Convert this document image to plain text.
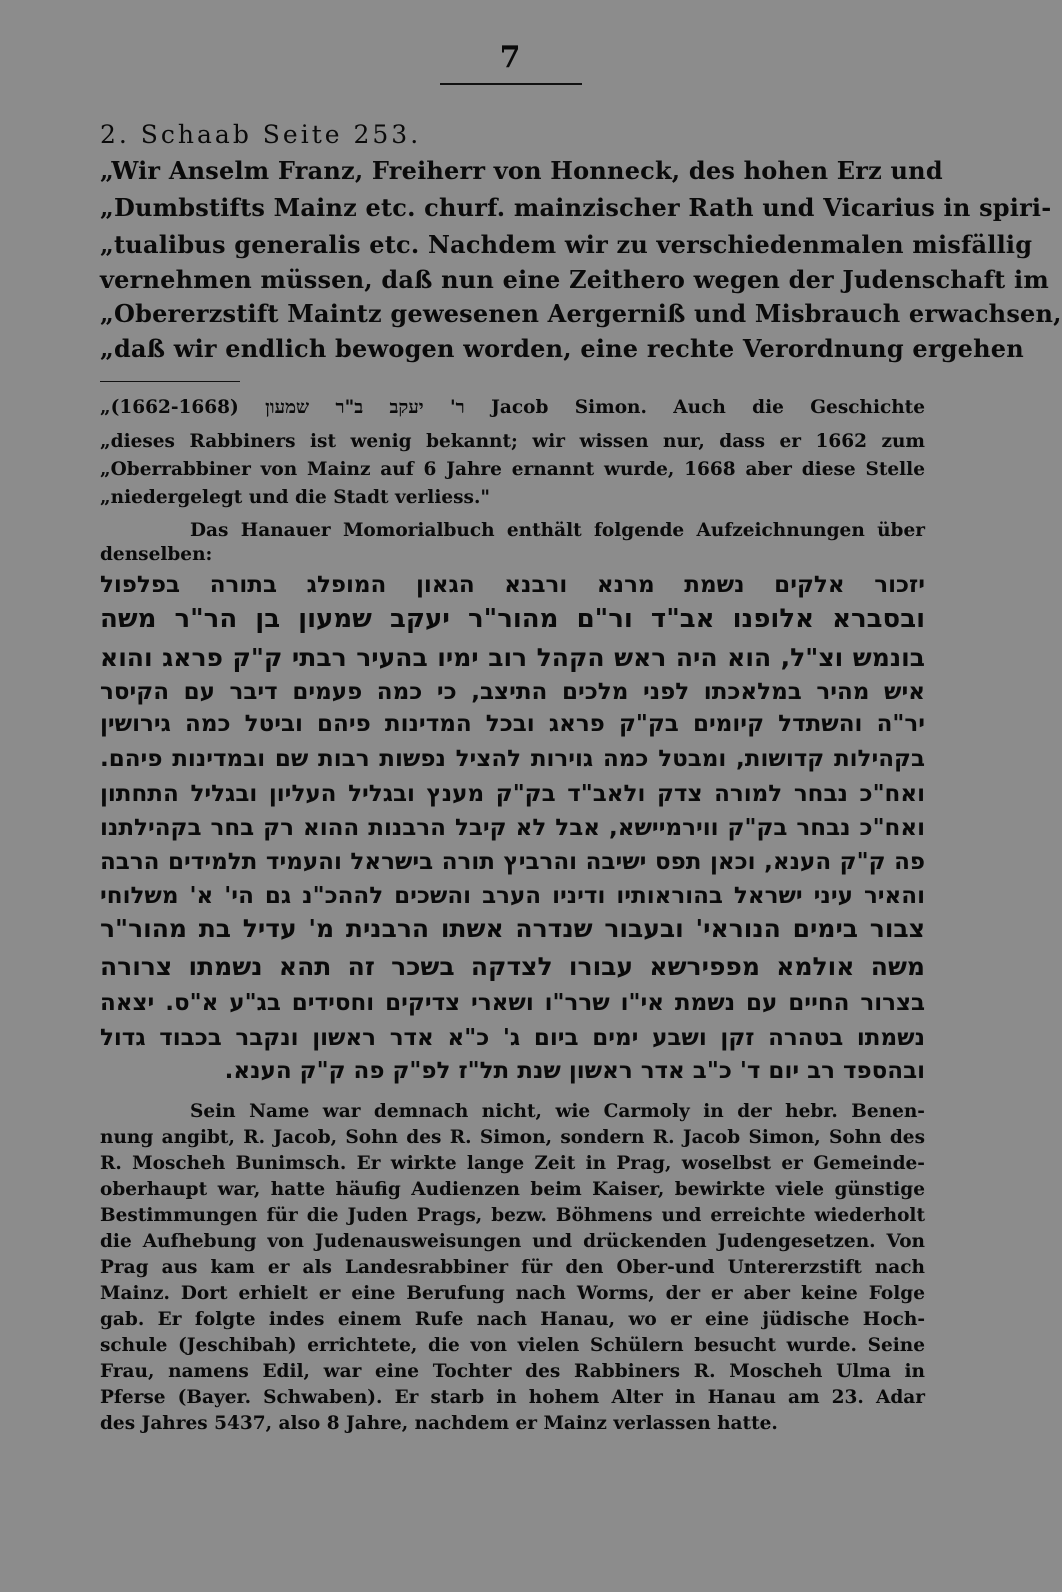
7
2. Schaab Seite 253.
„Wir Anselm Franz, Freiherr von Honneck, des hohen Erz und
„Dumbstifts Mainz etc. churf. mainzischer Rath und Vicarius in spiri-
„tualibus generalis etc. Nachdem wir zu verschiedenmalen misfällig
vernehmen müssen, daß nun eine Zeithero wegen der Judenschaft im
„Obererzstift Maintz gewesenen Aergerniß und Misbrauch erwachsen,
„daß wir endlich bewogen worden, eine rechte Verordnung ergehen
„(1662-1668) ר' יעקב ב"ר שמעון Jacob Simon. Auch die Geschichte
„dieses Rabbiners ist wenig bekannt; wir wissen nur, dass er 1662 zum
„Oberrabbiner von Mainz auf 6 Jahre ernannt wurde, 1668 aber diese Stelle
„niedergelegt und die Stadt verliess."
Das Hanauer Momorialbuch enthält folgende Aufzeichnungen über
denselben:
יזכור אלקים נשמת מרנא ורבנא הגאון המופלג בתורה בפלפול
ובסברא אלופנו אב"ד ור"ם מהור"ר יעקב שמעון בן הר"ר משה
בונמש וצ"ל, הוא היה ראש הקהל רוב ימיו בהעיר רבתי ק"ק פראג והוא
איש מהיר במלאכתו לפני מלכים התיצב, כי כמה פעמים דיבר עם הקיסר
יר"ה והשתדל קיומים בק"ק פראג ובכל המדינות פיהם וביטל כמה גירושין
בקהילות קדושות, ומבטל כמה גוירות להציל נפשות רבות שם ובמדינות פיהם.
ואח"כ נבחר למורה צדק ולאב"ד בק"ק מענץ ובגליל העליון ובגליל התחתון
ואח"כ נבחר בק"ק ווירמיישא, אבל לא קיבל הרבנות ההוא רק בחר בקהילתנו
פה ק"ק הענא, וכאן תפס ישיבה והרביץ תורה בישראל והעמיד תלמידים הרבה
והאיר עיני ישראל בהוראותיו ודיניו הערב והשכים לההכ"נ גם הי' א' משלוחי
צבור בימים הנוראי' ובעבור שנדרה אשתו הרבנית מ' עדיל בת מהור"ר
משה אולמא מפפירשא עבורו לצדקה בשכר זה תהא נשמתו צרורה
בצרור החיים עם נשמת אי"ו שרר"ו ושארי צדיקים וחסידים בג"ע א"ס. יצאה
נשמתו בטהרה זקן ושבע ימים ביום ג' כ"א אדר ראשון ונקבר בכבוד גדול
ובהספד רב יום ד' כ"ב אדר ראשון שנת תל"ז לפ"ק פה ק"ק הענא.
Sein Name war demnach nicht, wie Carmoly in der hebr. Benen-
nung angibt, R. Jacob, Sohn des R. Simon, sondern R. Jacob Simon, Sohn des
R. Moscheh Bunimsch. Er wirkte lange Zeit in Prag, woselbst er Gemeinde-
oberhaupt war, hatte häufig Audienzen beim Kaiser, bewirkte viele günstige
Bestimmungen für die Juden Prags, bezw. Böhmens und erreichte wiederholt
die Aufhebung von Judenausweisungen und drückenden Judengesetzen. Von
Prag aus kam er als Landesrabbiner für den Ober-und Untererzstift nach
Mainz. Dort erhielt er eine Berufung nach Worms, der er aber keine Folge
gab. Er folgte indes einem Rufe nach Hanau, wo er eine jüdische Hoch-
schule (Jeschibah) errichtete, die von vielen Schülern besucht wurde. Seine
Frau, namens Edil, war eine Tochter des Rabbiners R. Moscheh Ulma in
Pferse (Bayer. Schwaben). Er starb in hohem Alter in Hanau am 23. Adar
des Jahres 5437, also 8 Jahre, nachdem er Mainz verlassen hatte.
